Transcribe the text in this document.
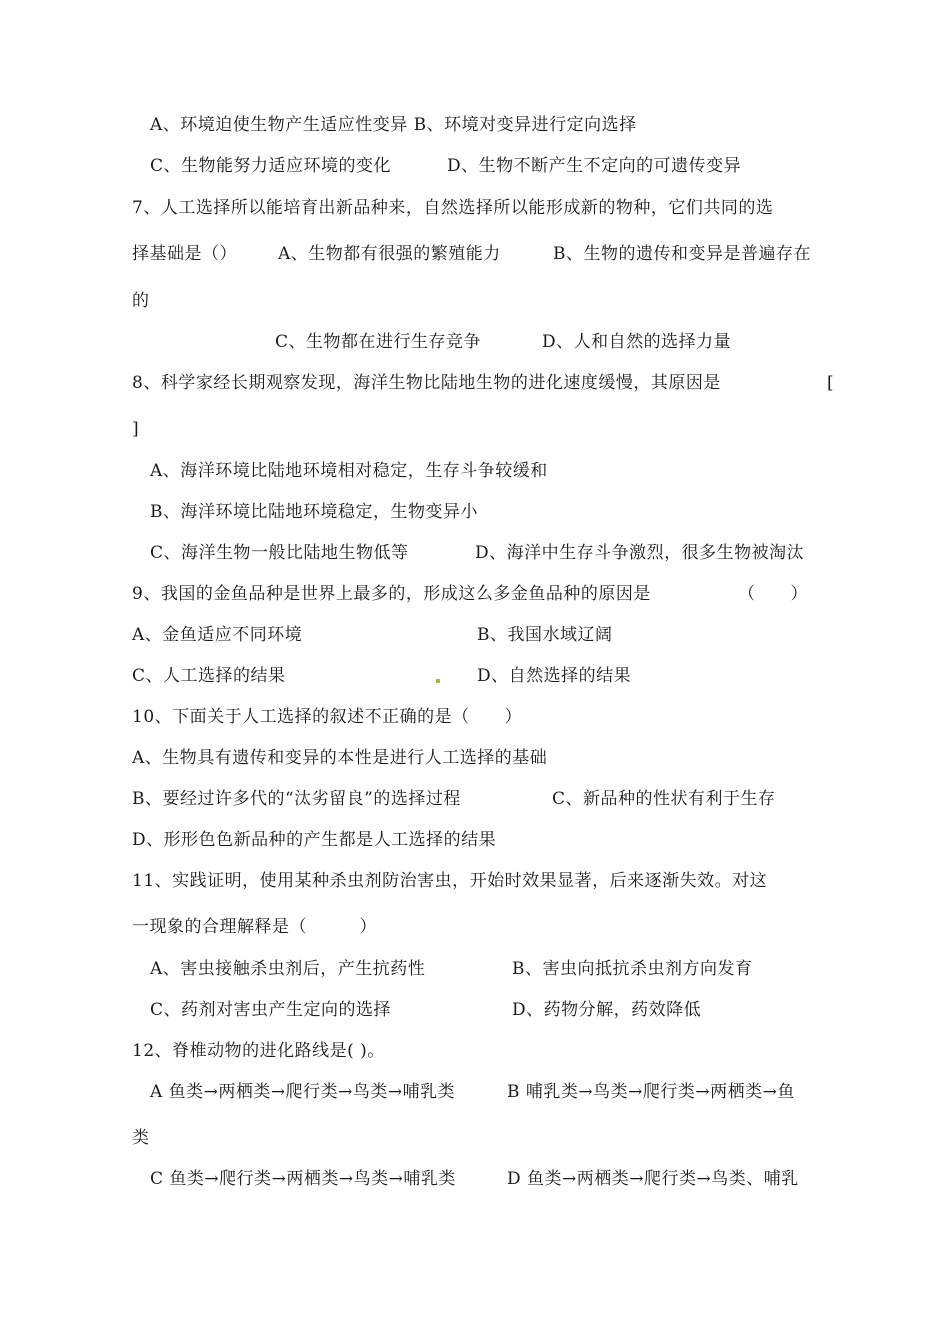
A、环境迫使生物产生适应性变异 B、环境对变异进行定向选择
C、生物能努力适应环境的变化	D、生物不断产生不定向的可遗传变异
7、人工选择所以能培育出新品种来，自然选择所以能形成新的物种，它们共同的选
择基础是（） A、生物都有很强的繁殖能力	B、生物的遗传和变异是普遍存在
的
C、生物都在进行生存竞争	D、人和自然的选择力量
8、科学家经长期观察发现，海洋生物比陆地生物的进化速度缓慢，其原因是	[
]
A、海洋环境比陆地环境相对稳定，生存斗争较缓和
B、海洋环境比陆地环境稳定，生物变异小
C、海洋生物一般比陆地生物低等	D、海洋中生存斗争激烈，很多生物被淘汰
9、我国的金鱼品种是世界上最多的，形成这么多金鱼品种的原因是	（　　）
A、金鱼适应不同环境	B、我国水域辽阔
C、人工选择的结果	D、自然选择的结果
10、下面关于人工选择的叙述不正确的是（　　）
A、生物具有遗传和变异的本性是进行人工选择的基础
B、要经过许多代的“汰劣留良”的选择过程	C、新品种的性状有利于生存
D、形形色色新品种的产生都是人工选择的结果
11、实践证明，使用某种杀虫剂防治害虫，开始时效果显著，后来逐渐失效。对这
一现象的合理解释是（　　　）
A、害虫接触杀虫剂后，产生抗药性	B、害虫向抵抗杀虫剂方向发育
C、药剂对害虫产生定向的选择	D、药物分解，药效降低
12、脊椎动物的进化路线是( )。
A 鱼类→两栖类→爬行类→鸟类→哺乳类	B 哺乳类→鸟类→爬行类→两栖类→鱼
类
C 鱼类→爬行类→两栖类→鸟类→哺乳类	D 鱼类→两栖类→爬行类→鸟类、哺乳
